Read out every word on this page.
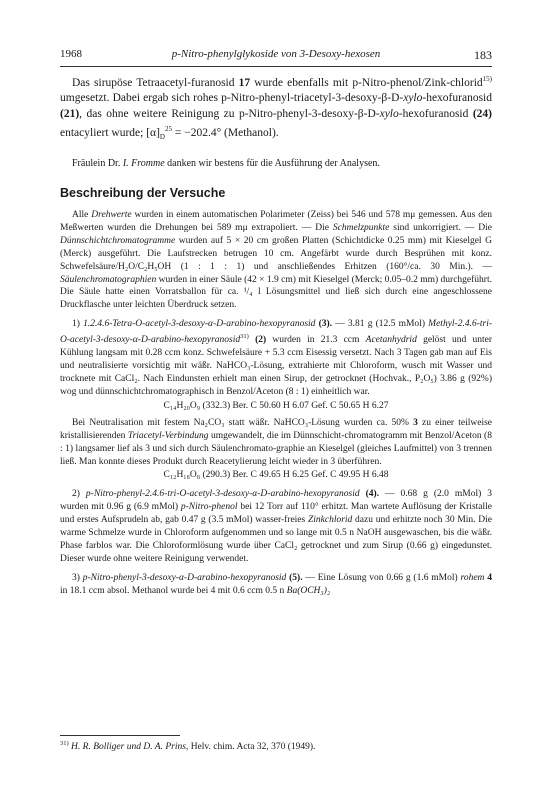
1968	p-Nitro-phenylglykoside von 3-Desoxy-hexosen	183

Das sirupöse Tetraacetyl-furanosid 17 wurde ebenfalls mit p-Nitro-phenol/Zink-chlorid$^{15)}$ umgesetzt. Dabei ergab sich rohes p-Nitro-phenyl-triacetyl-3-desoxy-β-D-xylo-hexofuranosid (21), das ohne weitere Reinigung zu p-Nitro-phenyl-3-desoxy-β-D-xylo-hexofuranosid (24) entacyliert wurde; $[\alpha]_D^{25} = -202.4^\circ$ (Methanol).

Fräulein Dr. I. Fromme danken wir bestens für die Ausführung der Analysen.

Beschreibung der Versuche

Alle Drehwerte wurden in einem automatischen Polarimeter (Zeiss) bei 546 und 578 mμ gemessen. Aus den Meßwerten wurden die Drehungen bei 589 mμ extrapoliert. — Die Schmelzpunkte sind unkorrigiert. — Die Dünnschichtchromatogramme wurden auf 5 × 20 cm großen Platten (Schichtdicke 0.25 mm) mit Kieselgel G (Merck) ausgeführt. Die Laufstrecken betrugen 10 cm. Angefärbt wurde durch Besprühen mit konz. Schwefelsäure/H₂O/C₂H₅OH (1 : 1 : 1) und anschließendes Erhitzen (160°/ca. 30 Min.). — Säulenchromatographien wurden in einer Säule (42 × 1.9 cm) mit Kieselgel (Merck; 0.05–0.2 mm) durchgeführt. Die Säule hatte einen Vorratsballon für ca. ¹/₄ l Lösungsmittel und ließ sich durch eine angeschlossene Druckflasche unter leichten Überdruck setzen.

1) 1.2.4.6-Tetra-O-acetyl-3-desoxy-α-D-arabino-hexopyranosid (3). — 3.81 g (12.5 mMol) Methyl-2.4.6-tri-O-acetyl-3-desoxy-α-D-arabino-hexopyranosid$^{31)}$ (2) wurden in 21.3 ccm Acetanhydrid gelöst und unter Kühlung langsam mit 0.28 ccm konz. Schwefelsäure + 5.3 ccm Eisessig versetzt. Nach 3 Tagen gab man auf Eis und neutralisierte vorsichtig mit wäßr. NaHCO₃-Lösung, extrahierte mit Chloroform, wusch mit Wasser und trocknete mit CaCl₂. Nach Eindunsten erhielt man einen Sirup, der getrocknet (Hochvak., P₂O₅) 3.86 g (92%) wog und dünnschichtchromatographisch in Benzol/Aceton (8 : 1) einheitlich war.

C₁₄H₂₀O₉ (332.3) Ber. C 50.60 H 6.07 Gef. C 50.65 H 6.27

Bei Neutralisation mit festem Na₂CO₃ statt wäßr. NaHCO₃-Lösung wurden ca. 50% 3 zu einer teilweise kristallisierenden Triacetyl-Verbindung umgewandelt, die im Dünnschicht-chromatogramm mit Benzol/Aceton (8 : 1) langsamer lief als 3 und sich durch Säulenchromato-graphie an Kieselgel (gleiches Laufmittel) von 3 trennen ließ. Man konnte dieses Produkt durch Reacetylierung leicht wieder in 3 überführen.

C₁₂H₁₈O₈ (290.3) Ber. C 49.65 H 6.25 Gef. C 49.95 H 6.48

2) p-Nitro-phenyl-2.4.6-tri-O-acetyl-3-desoxy-α-D-arabino-hexopyranosid (4). — 0.68 g (2.0 mMol) 3 wurden mit 0.96 g (6.9 mMol) p-Nitro-phenol bei 12 Torr auf 110° erhitzt. Man wartete Auflösung der Kristalle und erstes Aufsprudeln ab, gab 0.47 g (3.5 mMol) wasser-freies Zinkchlorid dazu und erhitzte noch 30 Min. Die warme Schmelze wurde in Chloroform aufgenommen und so lange mit 0.5 n NaOH ausgewaschen, bis die wäßr. Phase farblos war. Die Chloroformlösung wurde über CaCl₂ getrocknet und zum Sirup (0.66 g) eingedunstet. Dieser wurde ohne weitere Reinigung verwendet.

3) p-Nitro-phenyl-3-desoxy-α-D-arabino-hexopyranosid (5). — Eine Lösung von 0.66 g (1.6 mMol) rohem 4 in 18.1 ccm absol. Methanol wurde bei 4 mit 0.6 ccm 0.5 n Ba(OCH₃)₂

$^{31)}$ H. R. Bolliger und D. A. Prins, Helv. chim. Acta 32, 370 (1949).
